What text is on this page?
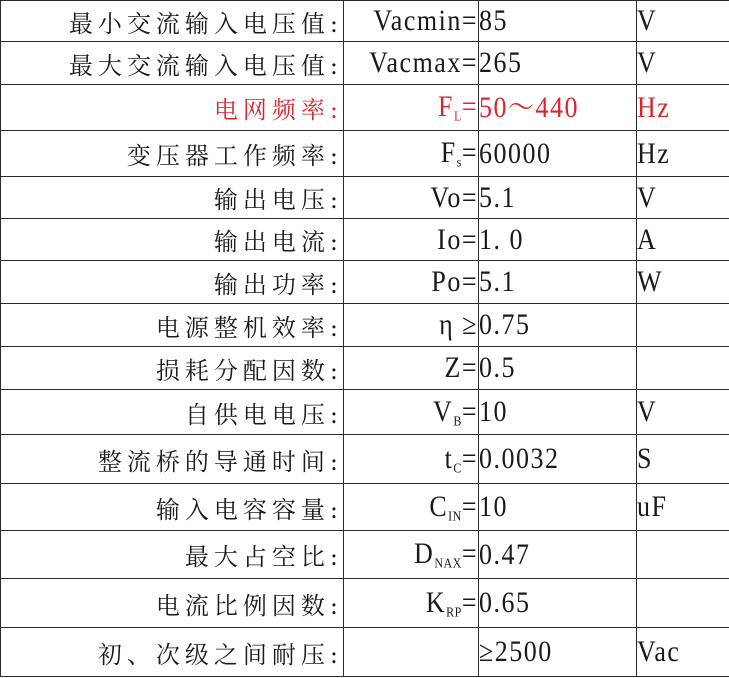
最小交流输入电压值:	Vacmin=	85	V
最大交流输入电压值:	Vacmax=	265	V
电网频率:	$F_L=$	50～440	Hz
变压器工作频率:	$F_s=$	60000	Hz
输出电压:	Vo=	5.1	V
输出电流:	Io=	1. 0	A
输出功率:	Po=	5.1	W
电源整机效率:	η ≥	0.75	
损耗分配因数:	Z=	0.5	
自供电电压:	$V_B=$	10	V
整流桥的导通时间:	$t_C=$	0.0032	S
输入电容容量:	$C_{IN}=$	10	uF
最大占空比:	$D_{NAX}=$	0.47	
电流比例因数:	$K_{RP}=$	0.65	
初、次级之间耐压:		≥2500	Vac
